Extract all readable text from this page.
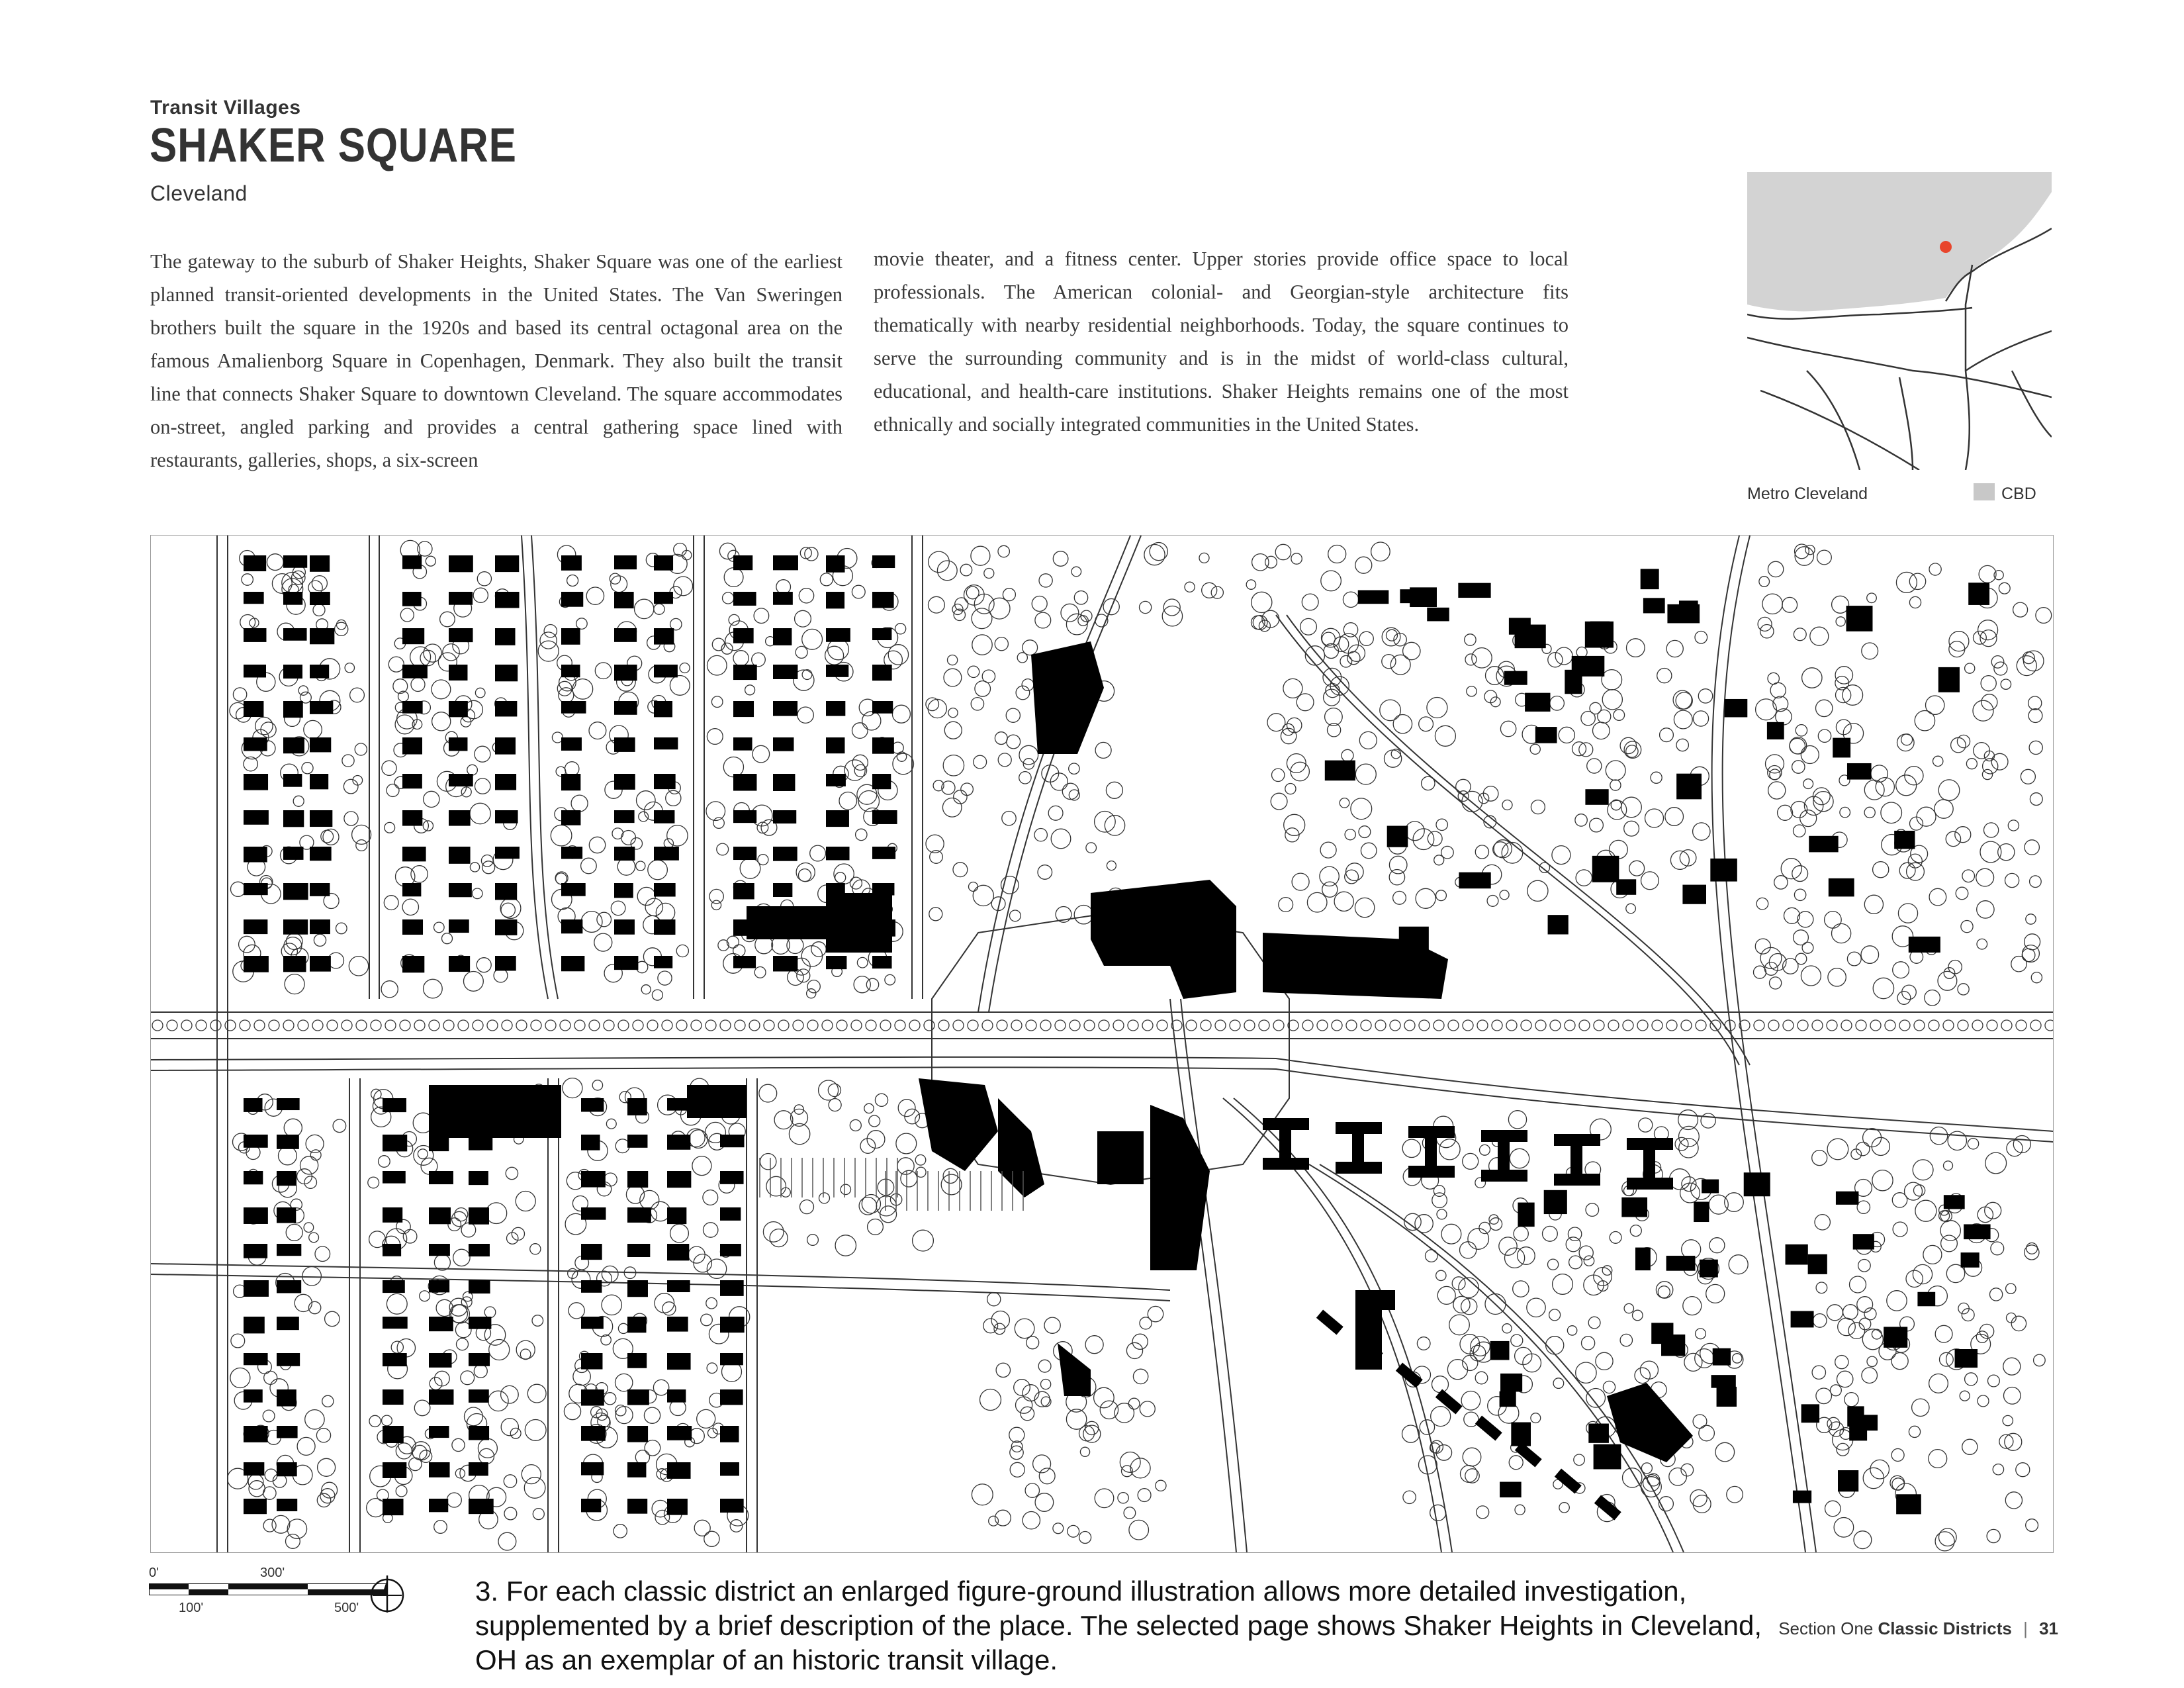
Transit Villages
SHAKER SQUARE
Cleveland
The gateway to the suburb of Shaker Heights, Shaker Square was one of the earliest planned transit-oriented developments in the United States. The Van Sweringen brothers built the square in the 1920s and based its central octagonal area on the famous Amalienborg Square in Copenhagen, Denmark. They also built the transit line that connects Shaker Square to downtown Cleveland. The square accommodates on-street, angled parking and provides a central gathering space lined with restaurants, galleries, shops, a six-screen
movie theater, and a fitness center. Upper stories provide office space to local professionals. The American colonial- and Georgian-style architecture fits thematically with nearby residential neighborhoods. Today, the square continues to serve the surrounding community and is in the midst of world-class cultural, educational, and health-care institutions. Shaker Heights remains one of the most ethnically and socially integrated communities in the United States.
Metro Cleveland	CBD
0'	300'
100'	500'
3. For each classic district an enlarged figure-ground illustration allows more detailed investigation, supplemented by a brief description of the place. The selected page shows Shaker Heights in Cleveland, OH as an exemplar of an historic transit village.
Section One Classic Districts | 31
